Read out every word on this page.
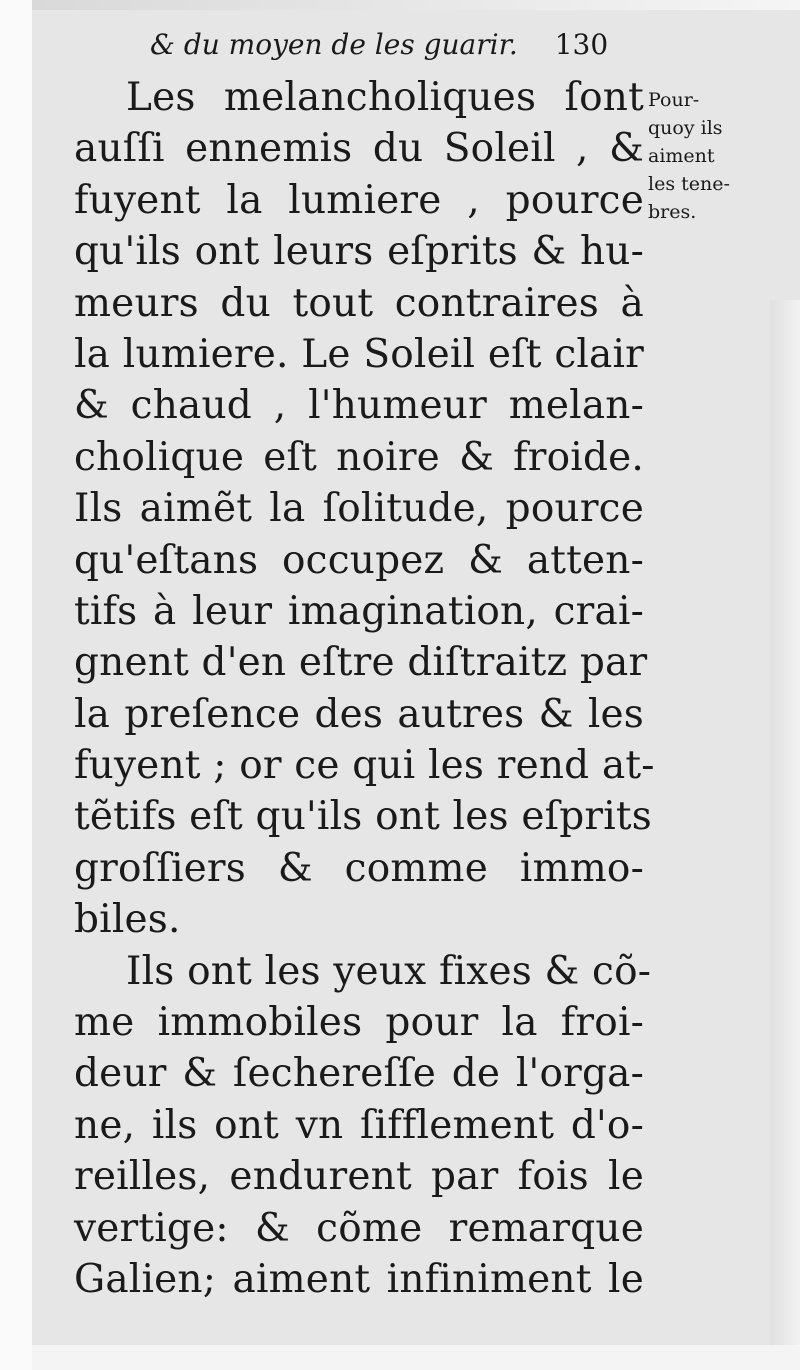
& du moyen de les guarir. 130
Les melancholiques ſont
auſſi ennemis du Soleil , &
fuyent la lumiere , pource
qu'ils ont leurs eſprits & hu-
meurs du tout contraires à
la lumiere. Le Soleil eſt clair
& chaud , l'humeur melan-
cholique eſt noire & froide.
Ils aimẽt la ſolitude, pource
qu'eſtans occupez & atten-
tifs à leur imagination, crai-
gnent d'en eſtre diſtraitz par
la preſence des autres & les
fuyent ; or ce qui les rend at-
tẽtifs eſt qu'ils ont les eſprits
groſſiers & comme immo-
biles.
Ils ont les yeux fixes & cõ-
me immobiles pour la froi-
deur & ſechereſſe de l'orga-
ne, ils ont vn ſifflement d'o-
reilles, endurent par fois le
vertige: & cõme remarque
Galien; aiment infiniment le
Pour-
quoy ils
aiment
les tene-
bres.
